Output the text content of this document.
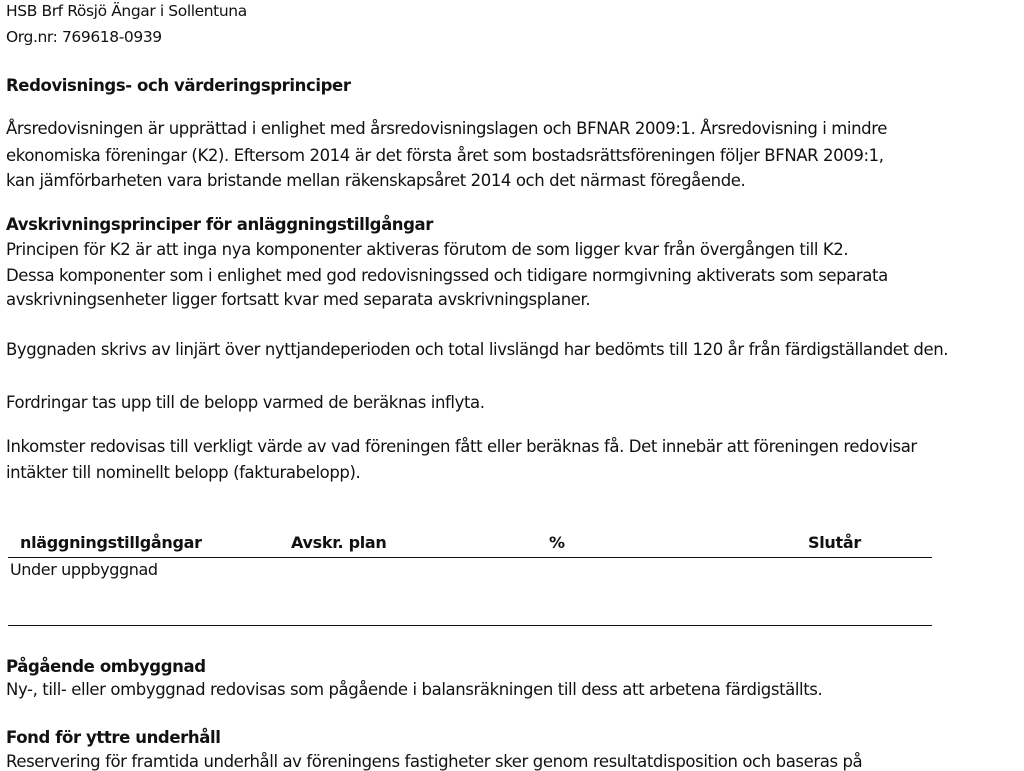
HSB Brf Rösjö Ängar i Sollentuna
Org.nr: 769618-0939
Redovisnings- och värderingsprinciper
Årsredovisningen är upprättad i enlighet med årsredovisningslagen och BFNAR 2009:1. Årsredovisning i mindre
ekonomiska föreningar (K2). Eftersom 2014 är det första året som bostadsrättsföreningen följer BFNAR 2009:1,
kan jämförbarheten vara bristande mellan räkenskapsåret 2014 och det närmast föregående.
Avskrivningsprinciper för anläggningstillgångar
Principen för K2 är att inga nya komponenter aktiveras förutom de som ligger kvar från övergången till K2.
Dessa komponenter som i enlighet med god redovisningssed och tidigare normgivning aktiverats som separata
avskrivningsenheter ligger fortsatt kvar med separata avskrivningsplaner.
Byggnaden skrivs av linjärt över nyttjandeperioden och total livslängd har bedömts till 120 år från färdigställandet den.
Fordringar tas upp till de belopp varmed de beräknas inflyta.
Inkomster redovisas till verkligt värde av vad föreningen fått eller beräknas få. Det innebär att föreningen redovisar
intäkter till nominellt belopp (fakturabelopp).
nläggningstillgångar	Avskr. plan	%	Slutår
Under uppbyggnad
Pågående ombyggnad
Ny-, till- eller ombyggnad redovisas som pågående i balansräkningen till dess att arbetena färdigställts.
Fond för yttre underhåll
Reservering för framtida underhåll av föreningens fastigheter sker genom resultatdisposition och baseras på
